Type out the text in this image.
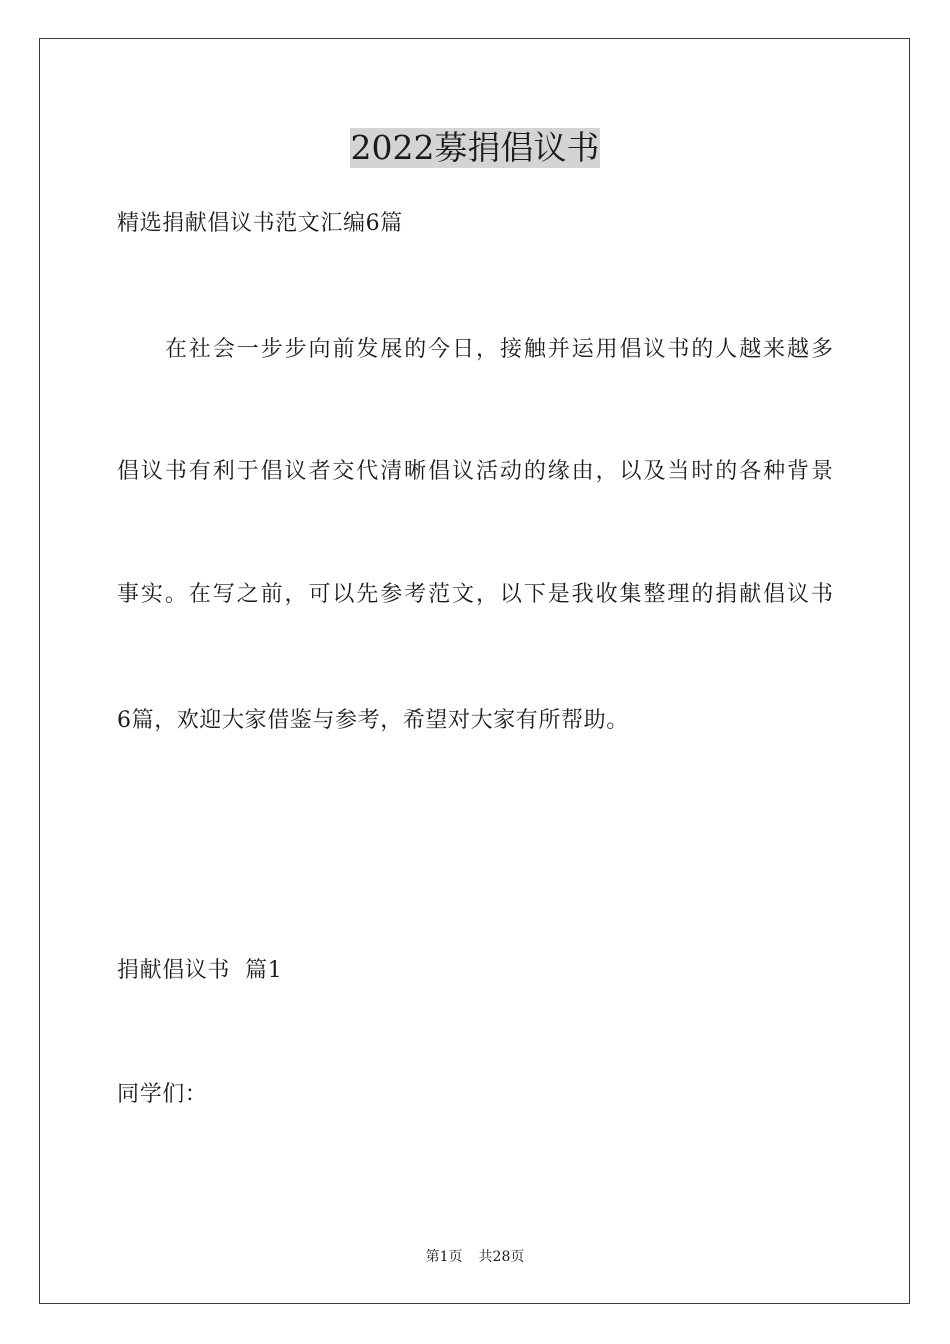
2022募捐倡议书
精选捐献倡议书范文汇编6篇
在社会一步步向前发展的今日，接触并运用倡议书的人越来越多
倡议书有利于倡议者交代清晰倡议活动的缘由，以及当时的各种背景
事实。在写之前，可以先参考范文，以下是我收集整理的捐献倡议书
6篇，欢迎大家借鉴与参考，希望对大家有所帮助。
捐献倡议书  篇1
同学们：
第1页 共28页
